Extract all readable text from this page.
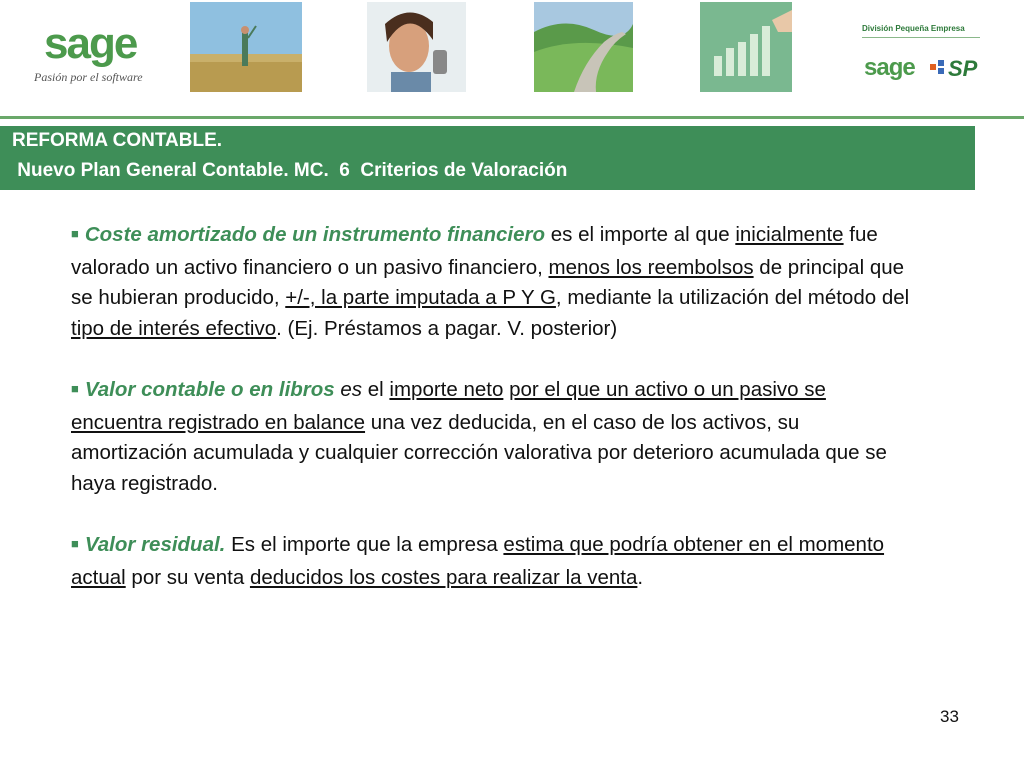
sage
Pasión por el software
División Pequeña Empresa
sage SP
REFORMA CONTABLE.
Nuevo Plan General Contable. MC.  6  Criterios de Valoración

■ Coste amortizado de un instrumento financiero es el importe al que inicialmente fue valorado un activo financiero o un pasivo financiero, menos los reembolsos de principal que se hubieran producido, +/-, la parte imputada a P Y G, mediante la utilización del método del tipo de interés efectivo. (Ej. Préstamos a pagar. V. posterior)

■ Valor contable o en libros es el importe neto por el que un activo o un pasivo se encuentra registrado en balance una vez deducida, en el caso de los activos, su amortización acumulada y cualquier corrección valorativa por deterioro acumulada que se haya registrado.

■ Valor residual. Es el importe que la empresa estima que podría obtener en el momento actual por su venta deducidos los costes para realizar la venta.

33
